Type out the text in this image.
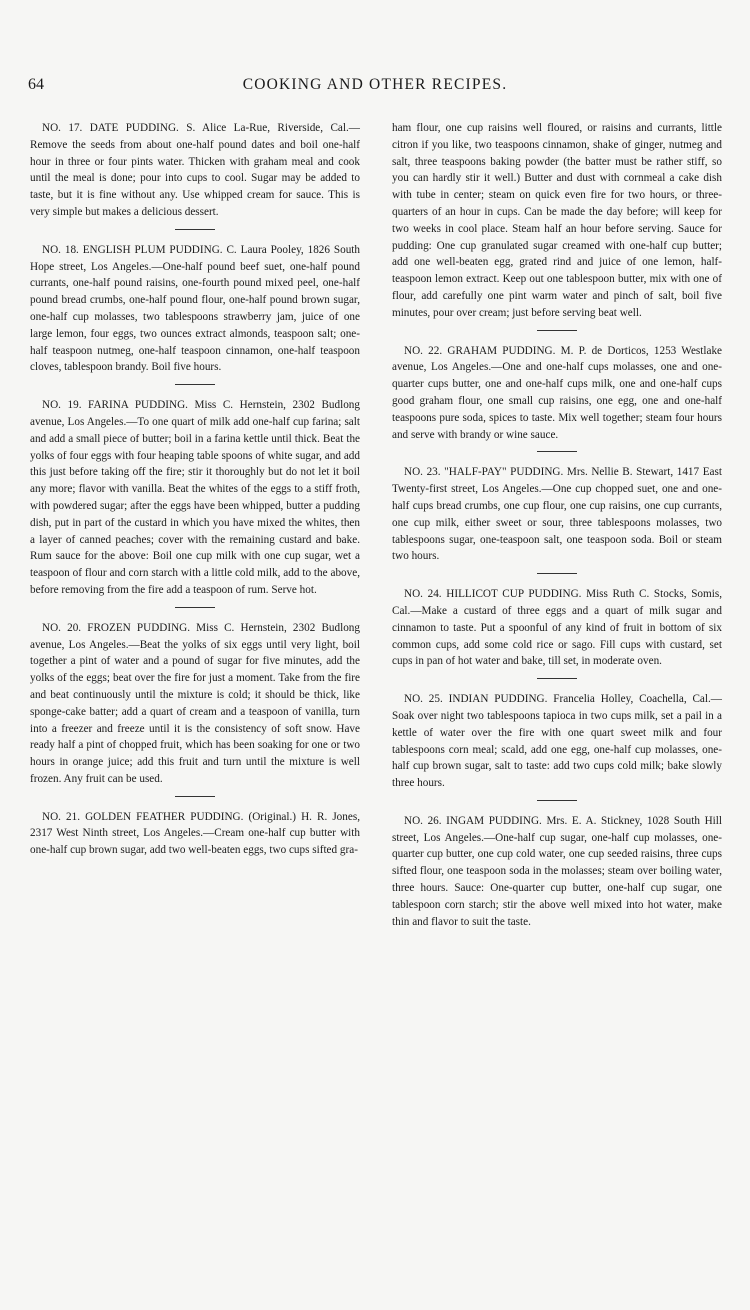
64	COOKING AND OTHER RECIPES.

NO. 17. DATE PUDDING. S. Alice La-Rue, Riverside, Cal.—Remove the seeds from about one-half pound dates and boil one-half hour in three or four pints water. Thicken with graham meal and cook until the meal is done; pour into cups to cool. Sugar may be added to taste, but it is fine without any. Use whipped cream for sauce. This is very simple but makes a delicious dessert.

NO. 18. ENGLISH PLUM PUDDING. C. Laura Pooley, 1826 South Hope street, Los Angeles.—One-half pound beef suet, one-half pound currants, one-half pound raisins, one-fourth pound mixed peel, one-half pound bread crumbs, one-half pound flour, one-half pound brown sugar, one-half cup molasses, two tablespoons strawberry jam, juice of one large lemon, four eggs, two ounces extract almonds, teaspoon salt; one-half teaspoon nutmeg, one-half teaspoon cinnamon, one-half teaspoon cloves, tablespoon brandy. Boil five hours.

NO. 19. FARINA PUDDING. Miss C. Hernstein, 2302 Budlong avenue, Los Angeles.—To one quart of milk add one-half cup farina; salt and add a small piece of butter; boil in a farina kettle until thick. Beat the yolks of four eggs with four heaping table spoons of white sugar, and add this just before taking off the fire; stir it thoroughly but do not let it boil any more; flavor with vanilla. Beat the whites of the eggs to a stiff froth, with powdered sugar; after the eggs have been whipped, butter a pudding dish, put in part of the custard in which you have mixed the whites, then a layer of canned peaches; cover with the remaining custard and bake. Rum sauce for the above: Boil one cup milk with one cup sugar, wet a teaspoon of flour and corn starch with a little cold milk, add to the above, before removing from the fire add a teaspoon of rum. Serve hot.

NO. 20. FROZEN PUDDING. Miss C. Hernstein, 2302 Budlong avenue, Los Angeles.—Beat the yolks of six eggs until very light, boil together a pint of water and a pound of sugar for five minutes, add the yolks of the eggs; beat over the fire for just a moment. Take from the fire and beat continuously until the mixture is cold; it should be thick, like sponge-cake batter; add a quart of cream and a teaspoon of vanilla, turn into a freezer and freeze until it is the consistency of soft snow. Have ready half a pint of chopped fruit, which has been soaking for one or two hours in orange juice; add this fruit and turn until the mixture is well frozen. Any fruit can be used.

NO. 21. GOLDEN FEATHER PUDDING. (Original.) H. R. Jones, 2317 West Ninth street, Los Angeles.—Cream one-half cup butter with one-half cup brown sugar, add two well-beaten eggs, two cups sifted gra-

ham flour, one cup raisins well floured, or raisins and currants, little citron if you like, two teaspoons cinnamon, shake of ginger, nutmeg and salt, three teaspoons baking powder (the batter must be rather stiff, so you can hardly stir it well.) Butter and dust with cornmeal a cake dish with tube in center; steam on quick even fire for two hours, or three-quarters of an hour in cups. Can be made the day before; will keep for two weeks in cool place. Steam half an hour before serving. Sauce for pudding: One cup granulated sugar creamed with one-half cup butter; add one well-beaten egg, grated rind and juice of one lemon, half-teaspoon lemon extract. Keep out one tablespoon butter, mix with one of flour, add carefully one pint warm water and pinch of salt, boil five minutes, pour over cream; just before serving beat well.

NO. 22. GRAHAM PUDDING. M. P. de Dorticos, 1253 Westlake avenue, Los Angeles.—One and one-half cups molasses, one and one-quarter cups butter, one and one-half cups milk, one and one-half cups good graham flour, one small cup raisins, one egg, one and one-half teaspoons pure soda, spices to taste. Mix well together; steam four hours and serve with brandy or wine sauce.

NO. 23. "HALF-PAY" PUDDING. Mrs. Nellie B. Stewart, 1417 East Twenty-first street, Los Angeles.—One cup chopped suet, one and one-half cups bread crumbs, one cup flour, one cup raisins, one cup currants, one cup milk, either sweet or sour, three tablespoons molasses, two tablespoons sugar, one-teaspoon salt, one teaspoon soda. Boil or steam two hours.

NO. 24. HILLICOT CUP PUDDING. Miss Ruth C. Stocks, Somis, Cal.—Make a custard of three eggs and a quart of milk sugar and cinnamon to taste. Put a spoonful of any kind of fruit in bottom of six common cups, add some cold rice or sago. Fill cups with custard, set cups in pan of hot water and bake, till set, in moderate oven.

NO. 25. INDIAN PUDDING. Francelia Holley, Coachella, Cal.—Soak over night two tablespoons tapioca in two cups milk, set a pail in a kettle of water over the fire with one quart sweet milk and four tablespoons corn meal; scald, add one egg, one-half cup molasses, one-half cup brown sugar, salt to taste: add two cups cold milk; bake slowly three hours.

NO. 26. INGAM PUDDING. Mrs. E. A. Stickney, 1028 South Hill street, Los Angeles.—One-half cup sugar, one-half cup molasses, one-quarter cup butter, one cup cold water, one cup seeded raisins, three cups sifted flour, one teaspoon soda in the molasses; steam over boiling water, three hours. Sauce: One-quarter cup butter, one-half cup sugar, one tablespoon corn starch; stir the above well mixed into hot water, make thin and flavor to suit the taste.
